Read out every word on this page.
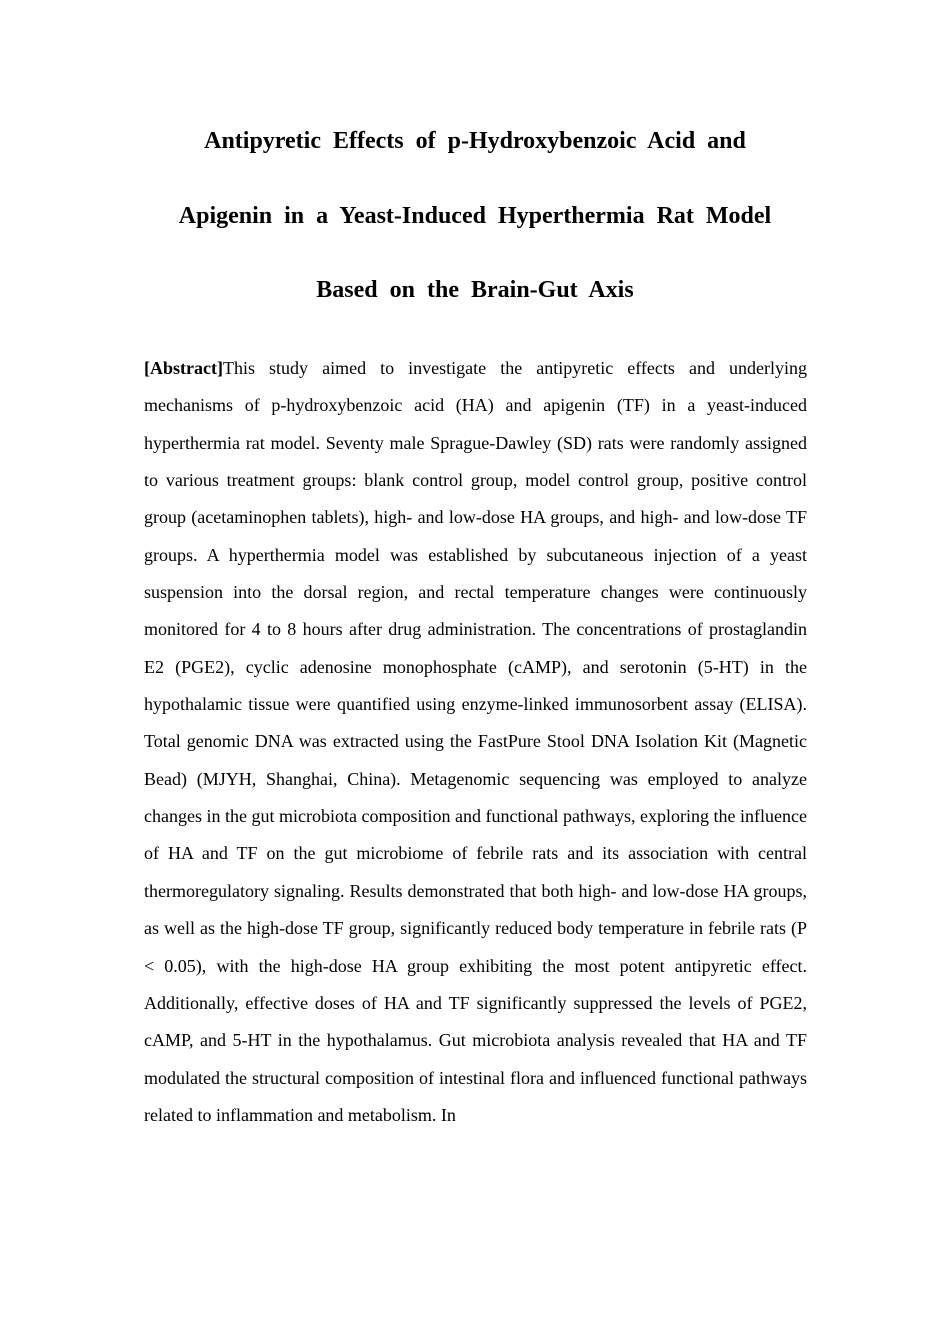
Antipyretic Effects of p-Hydroxybenzoic Acid and
Apigenin in a Yeast-Induced Hyperthermia Rat Model
Based on the Brain-Gut Axis

[Abstract]This study aimed to investigate the antipyretic effects and underlying mechanisms of p-hydroxybenzoic acid (HA) and apigenin (TF) in a yeast-induced hyperthermia rat model. Seventy male Sprague-Dawley (SD) rats were randomly assigned to various treatment groups: blank control group, model control group, positive control group (acetaminophen tablets), high- and low-dose HA groups, and high- and low-dose TF groups. A hyperthermia model was established by subcutaneous injection of a yeast suspension into the dorsal region, and rectal temperature changes were continuously monitored for 4 to 8 hours after drug administration. The concentrations of prostaglandin E2 (PGE2), cyclic adenosine monophosphate (cAMP), and serotonin (5-HT) in the hypothalamic tissue were quantified using enzyme-linked immunosorbent assay (ELISA). Total genomic DNA was extracted using the FastPure Stool DNA Isolation Kit (Magnetic Bead) (MJYH, Shanghai, China). Metagenomic sequencing was employed to analyze changes in the gut microbiota composition and functional pathways, exploring the influence of HA and TF on the gut microbiome of febrile rats and its association with central thermoregulatory signaling. Results demonstrated that both high- and low-dose HA groups, as well as the high-dose TF group, significantly reduced body temperature in febrile rats (P < 0.05), with the high-dose HA group exhibiting the most potent antipyretic effect. Additionally, effective doses of HA and TF significantly suppressed the levels of PGE2, cAMP, and 5-HT in the hypothalamus. Gut microbiota analysis revealed that HA and TF modulated the structural composition of intestinal flora and influenced functional pathways related to inflammation and metabolism. In
